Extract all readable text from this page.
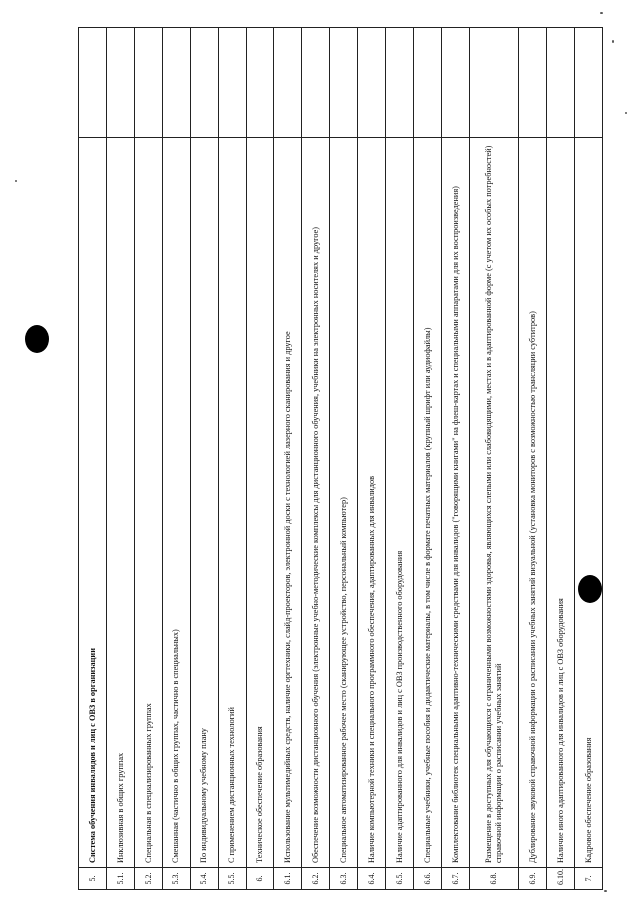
5.	Система обучения инвалидов и лиц с ОВЗ в организации	
5.1.	Инклюзивная в общих группах	
5.2.	Специальная в специализированных группах	
5.3.	Смешанная (частично в общих группах, частично в специальных)	
5.4.	По индивидуальному учебному плану	
5.5.	С применением дистанционных технологий	
6.	Техническое обеспечение образования	
6.1.	Использование мультимедийных средств, наличие оргтехники, слайд-проекторов, электронной доски с технологией лазерного сканирования и другое	
6.2.	Обеспечение возможности дистанционного обучения (электронные учебно-методические комплексы для дистанционного обучения, учебники на электронных носителях и другое)	
6.3.	Специальное автоматизированное рабочее место (сканирующее устройство, персональный компьютер)	
6.4.	Наличие компьютерной техники и специального программного обеспечения, адаптированных для инвалидов	
6.5.	Наличие адаптированного для инвалидов и лиц с ОВЗ производственного оборудования	
6.6.	Специальные учебники, учебные пособия и дидактические материалы, в том числе в формате печатных материалов (крупный шрифт или аудиофайлы)	
6.7.	Комплектование библиотек специальными адаптивно-техническими средствами для инвалидов ("говорящими книгами" на флеш-картах и специальными аппаратами для их воспроизведения)	
6.8.	Размещение в доступных для обучающихся с ограниченными возможностями здоровья, являющихся слепыми или слабовидящими, местах и в адаптированной форме (с учетом их особых потребностей) справочной информации о расписании учебных занятий	
6.9.	Дублирование звуковой справочной информации о расписании учебных занятий визуальной (установка мониторов с возможностью трансляции субтитров)	
6.10.	Наличие иного адаптированного для инвалидов и лиц с ОВЗ оборудования	
7.	Кадровое обеспечение образования	
